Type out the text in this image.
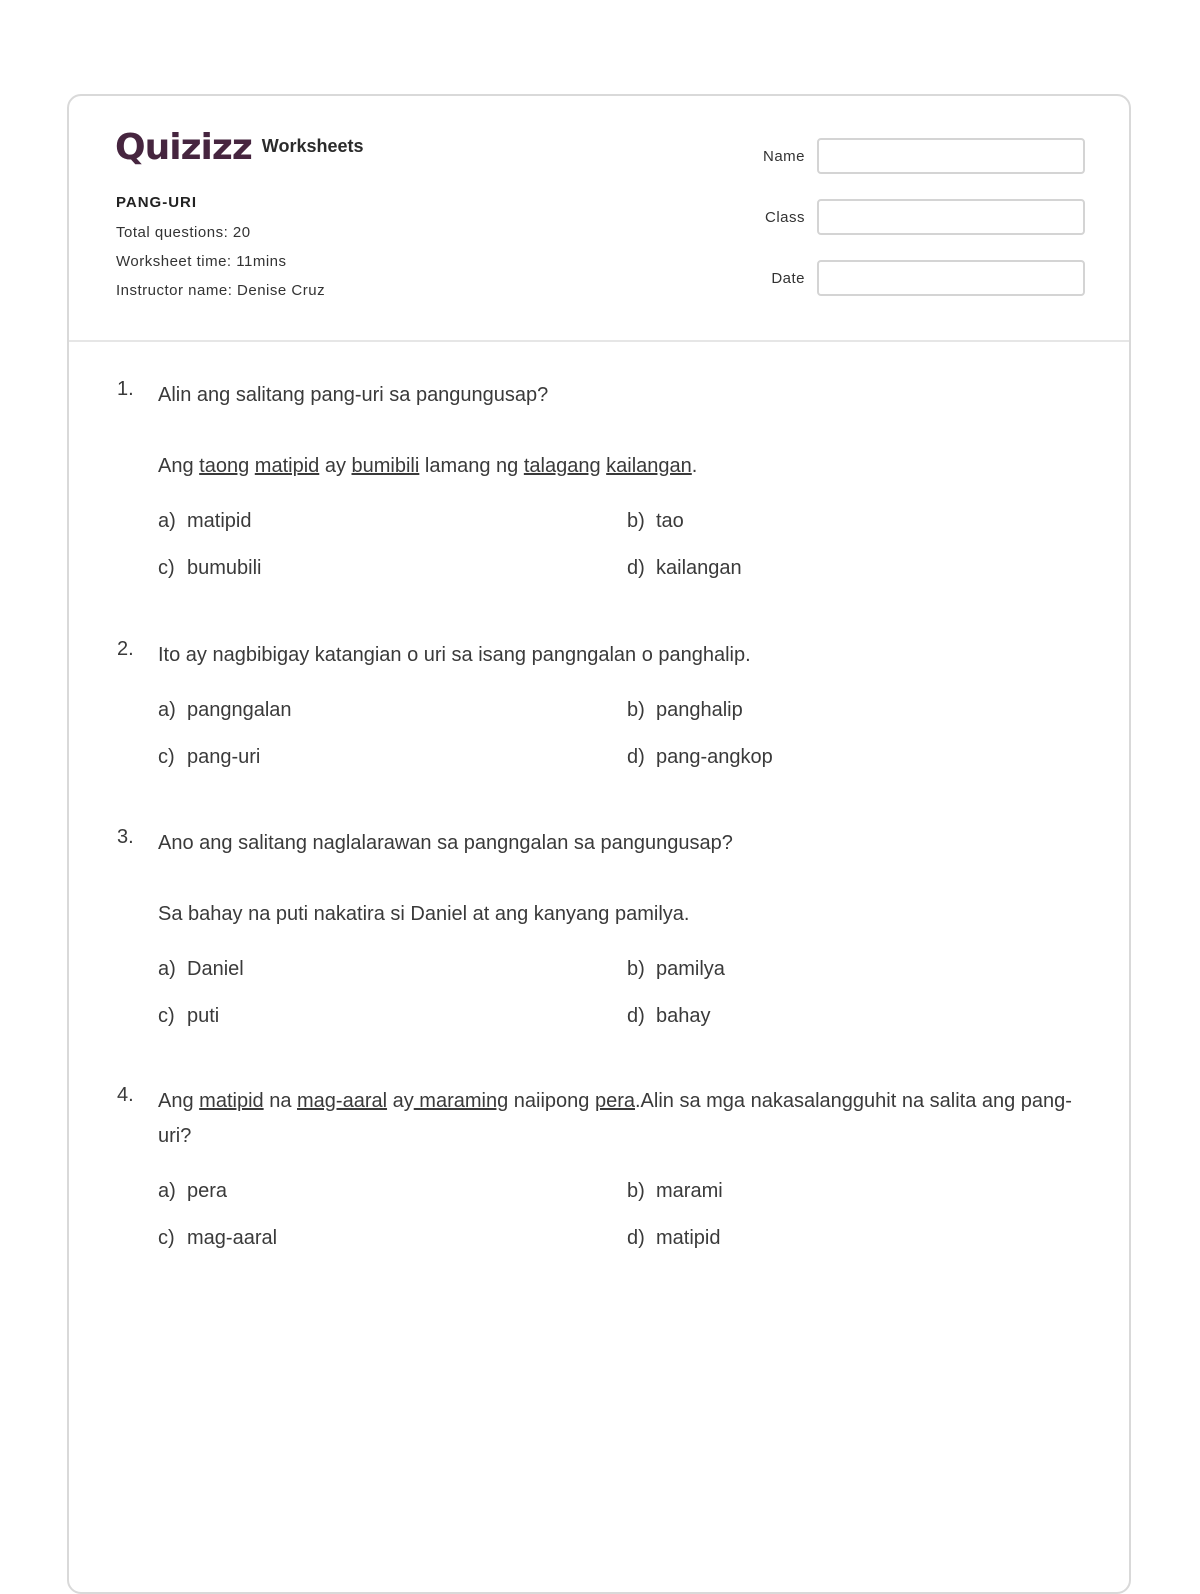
Quizizz Worksheets
PANG-URI
Total questions: 20
Worksheet time: 11mins
Instructor name: Denise Cruz
Name
Class
Date
1. Alin ang salitang pang-uri sa pangungusap?
Ang taong matipid ay bumibili lamang ng talagang kailangan.
a) matipid	b) tao
c) bumubili	d) kailangan
2. Ito ay nagbibigay katangian o uri sa isang pangngalan o panghalip.
a) pangngalan	b) panghalip
c) pang-uri	d) pang-angkop
3. Ano ang salitang naglalarawan sa pangngalan sa pangungusap?
Sa bahay na puti nakatira si Daniel at ang kanyang pamilya.
a) Daniel	b) pamilya
c) puti	d) bahay
4. Ang matipid na mag-aaral ay maraming naiipong pera.Alin sa mga nakasalangguhit na salita ang pang-uri?
a) pera	b) marami
c) mag-aaral	d) matipid
